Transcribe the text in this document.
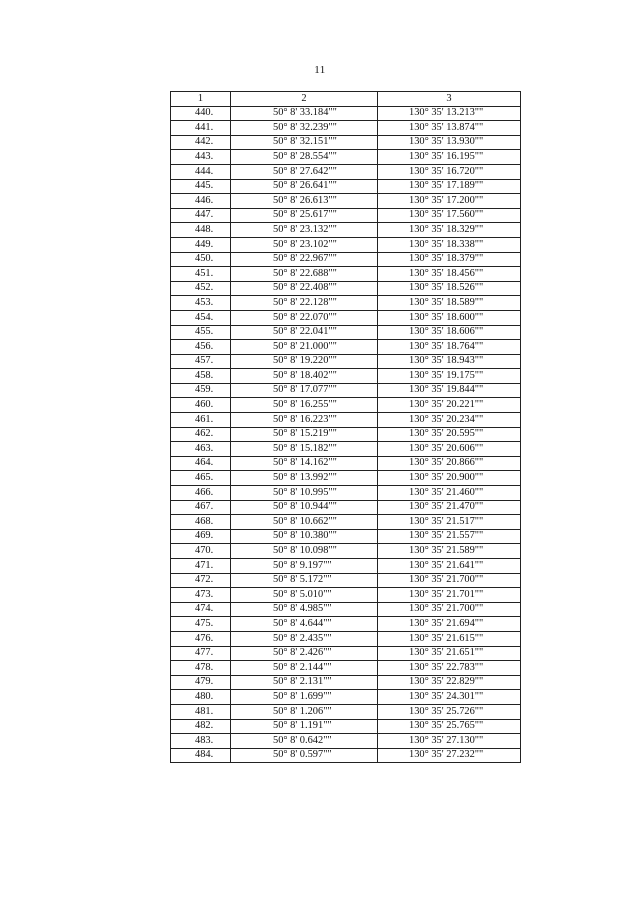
11
1	2	3
440.	50° 8' 33.184""	130° 35' 13.213""
441.	50° 8' 32.239""	130° 35' 13.874""
442.	50° 8' 32.151""	130° 35' 13.930""
443.	50° 8' 28.554""	130° 35' 16.195""
444.	50° 8' 27.642""	130° 35' 16.720""
445.	50° 8' 26.641""	130° 35' 17.189""
446.	50° 8' 26.613""	130° 35' 17.200""
447.	50° 8' 25.617""	130° 35' 17.560""
448.	50° 8' 23.132""	130° 35' 18.329""
449.	50° 8' 23.102""	130° 35' 18.338""
450.	50° 8' 22.967""	130° 35' 18.379""
451.	50° 8' 22.688""	130° 35' 18.456""
452.	50° 8' 22.408""	130° 35' 18.526""
453.	50° 8' 22.128""	130° 35' 18.589""
454.	50° 8' 22.070""	130° 35' 18.600""
455.	50° 8' 22.041""	130° 35' 18.606""
456.	50° 8' 21.000""	130° 35' 18.764""
457.	50° 8' 19.220""	130° 35' 18.943""
458.	50° 8' 18.402""	130° 35' 19.175""
459.	50° 8' 17.077""	130° 35' 19.844""
460.	50° 8' 16.255""	130° 35' 20.221""
461.	50° 8' 16.223""	130° 35' 20.234""
462.	50° 8' 15.219""	130° 35' 20.595""
463.	50° 8' 15.182""	130° 35' 20.606""
464.	50° 8' 14.162""	130° 35' 20.866""
465.	50° 8' 13.992""	130° 35' 20.900""
466.	50° 8' 10.995""	130° 35' 21.460""
467.	50° 8' 10.944""	130° 35' 21.470""
468.	50° 8' 10.662""	130° 35' 21.517""
469.	50° 8' 10.380""	130° 35' 21.557""
470.	50° 8' 10.098""	130° 35' 21.589""
471.	50° 8' 9.197""	130° 35' 21.641""
472.	50° 8' 5.172""	130° 35' 21.700""
473.	50° 8' 5.010""	130° 35' 21.701""
474.	50° 8' 4.985""	130° 35' 21.700""
475.	50° 8' 4.644""	130° 35' 21.694""
476.	50° 8' 2.435""	130° 35' 21.615""
477.	50° 8' 2.426""	130° 35' 21.651""
478.	50° 8' 2.144""	130° 35' 22.783""
479.	50° 8' 2.131""	130° 35' 22.829""
480.	50° 8' 1.699""	130° 35' 24.301""
481.	50° 8' 1.206""	130° 35' 25.726""
482.	50° 8' 1.191""	130° 35' 25.765""
483.	50° 8' 0.642""	130° 35' 27.130""
484.	50° 8' 0.597""	130° 35' 27.232""
